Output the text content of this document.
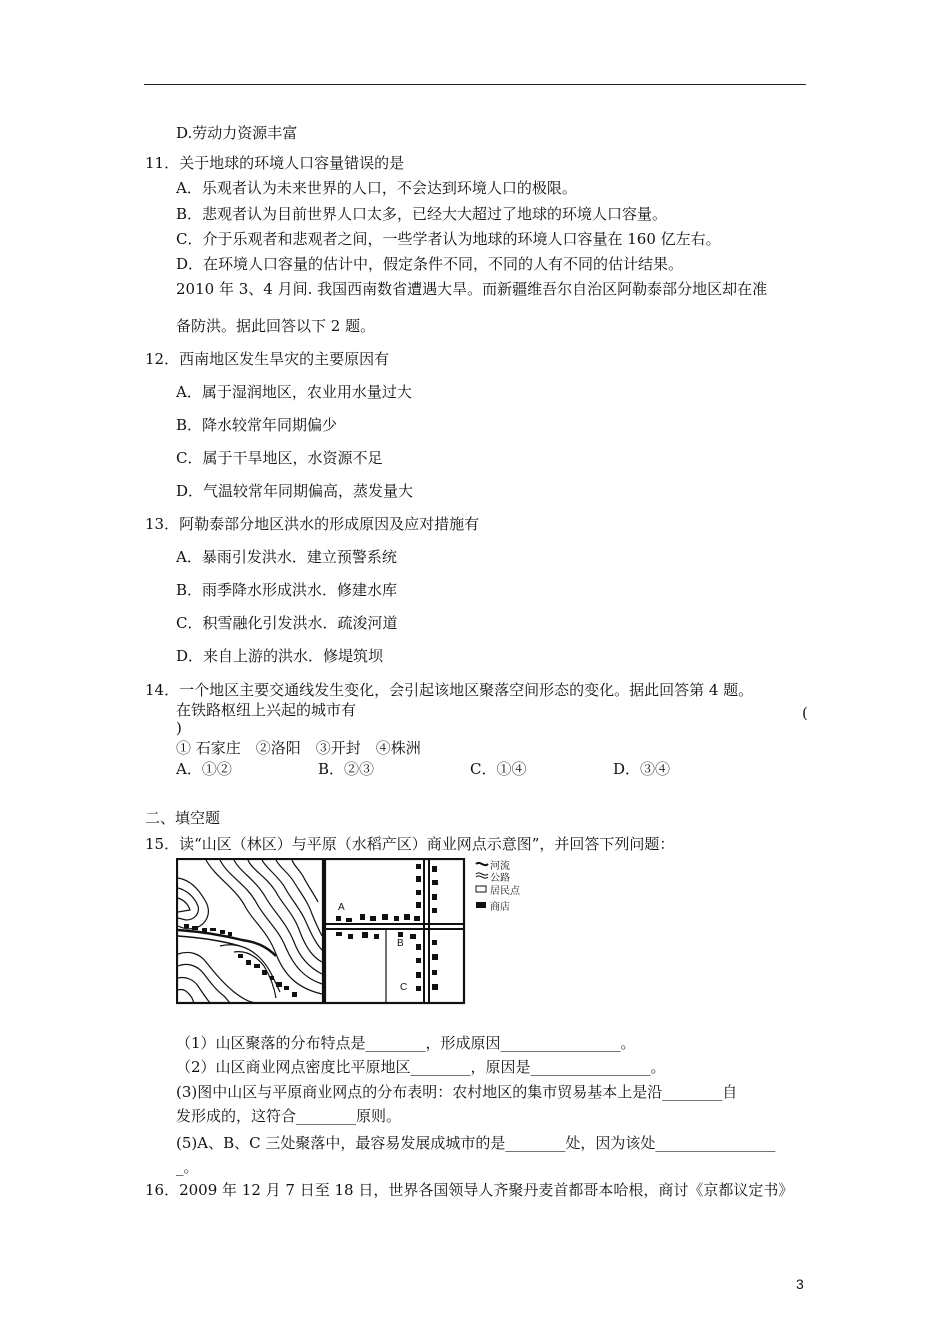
D.劳动力资源丰富
11．关于地球的环境人口容量错误的是
A．乐观者认为未来世界的人口，不会达到环境人口的极限。
B．悲观者认为目前世界人口太多，已经大大超过了地球的环境人口容量。
C．介于乐观者和悲观者之间，一些学者认为地球的环境人口容量在 160 亿左右。
D．在环境人口容量的估计中，假定条件不同，不同的人有不同的估计结果。
2010 年 3、4 月间. 我国西南数省遭遇大旱。而新疆维吾尔自治区阿勒泰部分地区却在准
备防洪。据此回答以下 2 题。
12．西南地区发生旱灾的主要原因有
A．属于湿润地区，农业用水量过大
B．降水较常年同期偏少
C．属于干旱地区，水资源不足
D．气温较常年同期偏高，蒸发量大
13．阿勒泰部分地区洪水的形成原因及应对措施有
A．暴雨引发洪水．建立预警系统
B．雨季降水形成洪水．修建水库
C．积雪融化引发洪水．疏浚河道
D．来自上游的洪水．修堤筑坝
14．一个地区主要交通线发生变化，会引起该地区聚落空间形态的变化。据此回答第 4 题。
在铁路枢纽上兴起的城市有	(
)
① 石家庄　②洛阳　③开封　④株洲
A．①②	B．②③	C．①④	D．③④
二、填空题
15．读“山区（林区）与平原（水稻产区）商业网点示意图”，并回答下列问题：
（1）山区聚落的分布特点是________，形成原因________________。
（2）山区商业网点密度比平原地区________，原因是________________。
(3)图中山区与平原商业网点的分布表明：农村地区的集市贸易基本上是沿________自
发形成的，这符合________原则。
(5)A、B、C 三处聚落中，最容易发展成城市的是________处，因为该处________________
_。
16．2009 年 12 月 7 日至 18 日，世界各国领导人齐聚丹麦首都哥本哈根，商讨《京都议定书》
河流
公路
居民点
商店
A
B
C
3
